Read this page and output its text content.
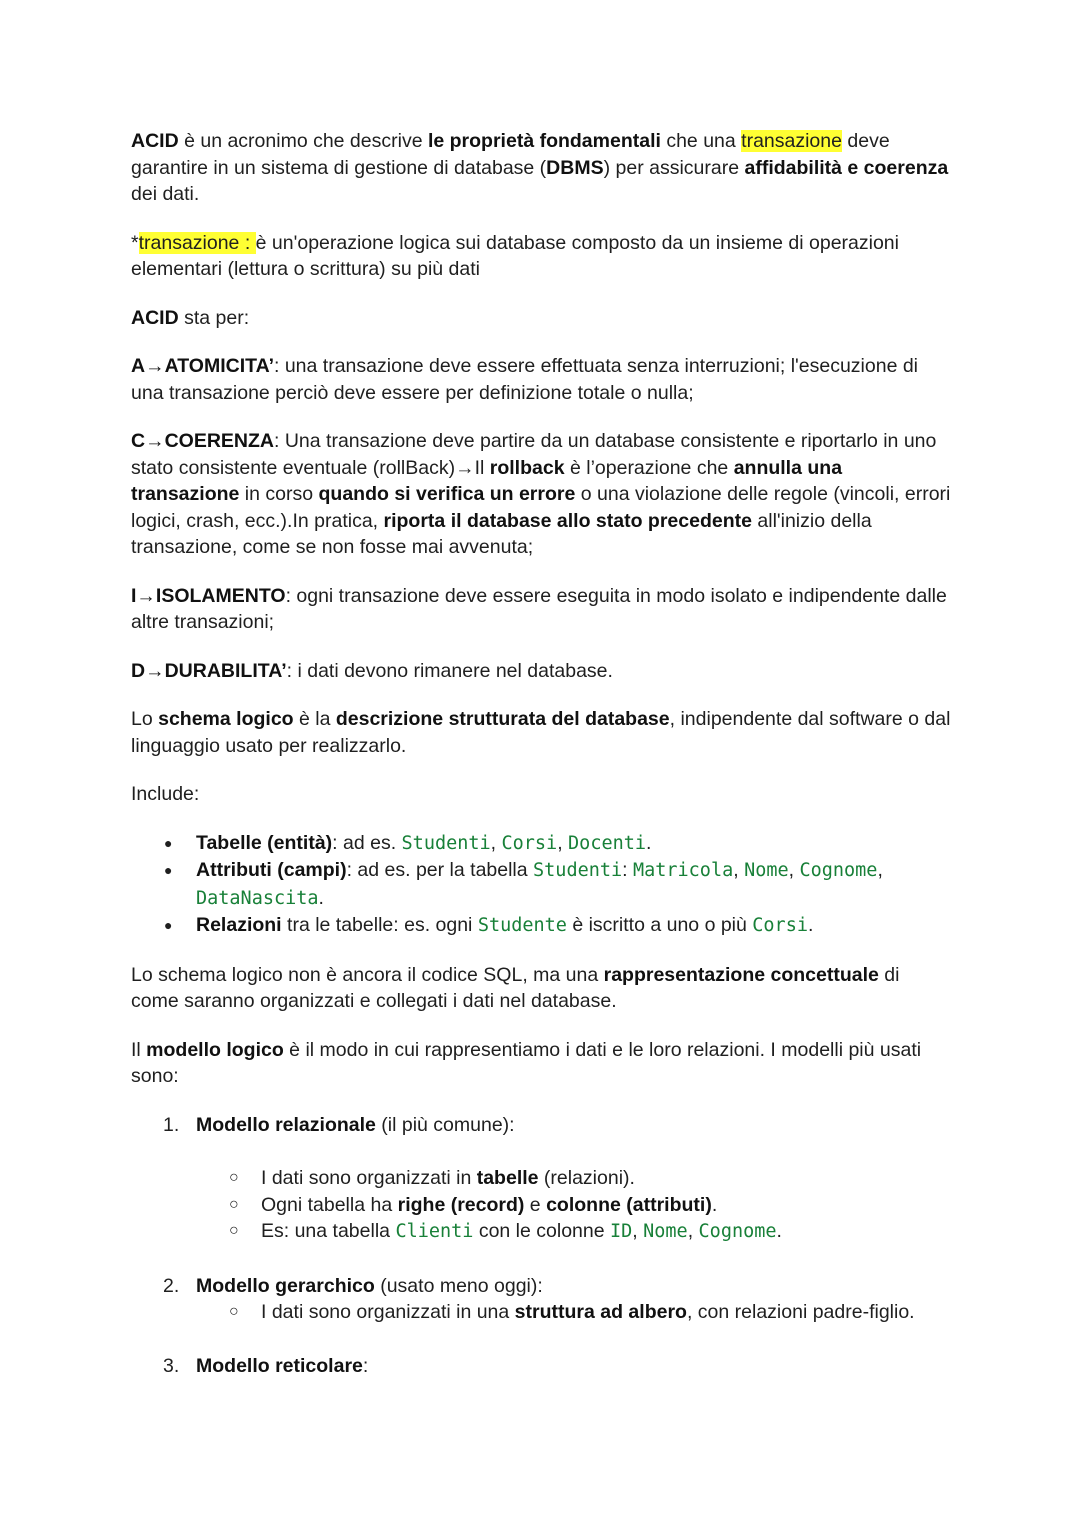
ACID è un acronimo che descrive le proprietà fondamentali che una transazione deve garantire in un sistema di gestione di database (DBMS) per assicurare affidabilità e coerenza dei dati.

*transazione : è un'operazione logica sui database composto da un insieme di operazioni elementari (lettura o scrittura) su più dati

ACID sta per:

A→ATOMICITA’: una transazione deve essere effettuata senza interruzioni; l'esecuzione di una transazione perciò deve essere per definizione totale o nulla;

C→COERENZA: Una transazione deve partire da un database consistente e riportarlo in uno stato consistente eventuale (rollBack)→Il rollback è l’operazione che annulla una transazione in corso quando si verifica un errore o una violazione delle regole (vincoli, errori logici, crash, ecc.).In pratica, riporta il database allo stato precedente all'inizio della transazione, come se non fosse mai avvenuta;

I→ISOLAMENTO: ogni transazione deve essere eseguita in modo isolato e indipendente dalle altre transazioni;

D→DURABILITA’: i dati devono rimanere nel database.

Lo schema logico è la descrizione strutturata del database, indipendente dal software o dal linguaggio usato per realizzarlo.

Include:

● Tabelle (entità): ad es. Studenti, Corsi, Docenti.
● Attributi (campi): ad es. per la tabella Studenti: Matricola, Nome, Cognome, DataNascita.
● Relazioni tra le tabelle: es. ogni Studente è iscritto a uno o più Corsi.

Lo schema logico non è ancora il codice SQL, ma una rappresentazione concettuale di come saranno organizzati e collegati i dati nel database.

Il modello logico è il modo in cui rappresentiamo i dati e le loro relazioni. I modelli più usati sono:

1. Modello relazionale (il più comune):
○ I dati sono organizzati in tabelle (relazioni).
○ Ogni tabella ha righe (record) e colonne (attributi).
○ Es: una tabella Clienti con le colonne ID, Nome, Cognome.
2. Modello gerarchico (usato meno oggi):
○ I dati sono organizzati in una struttura ad albero, con relazioni padre-figlio.
3. Modello reticolare:
